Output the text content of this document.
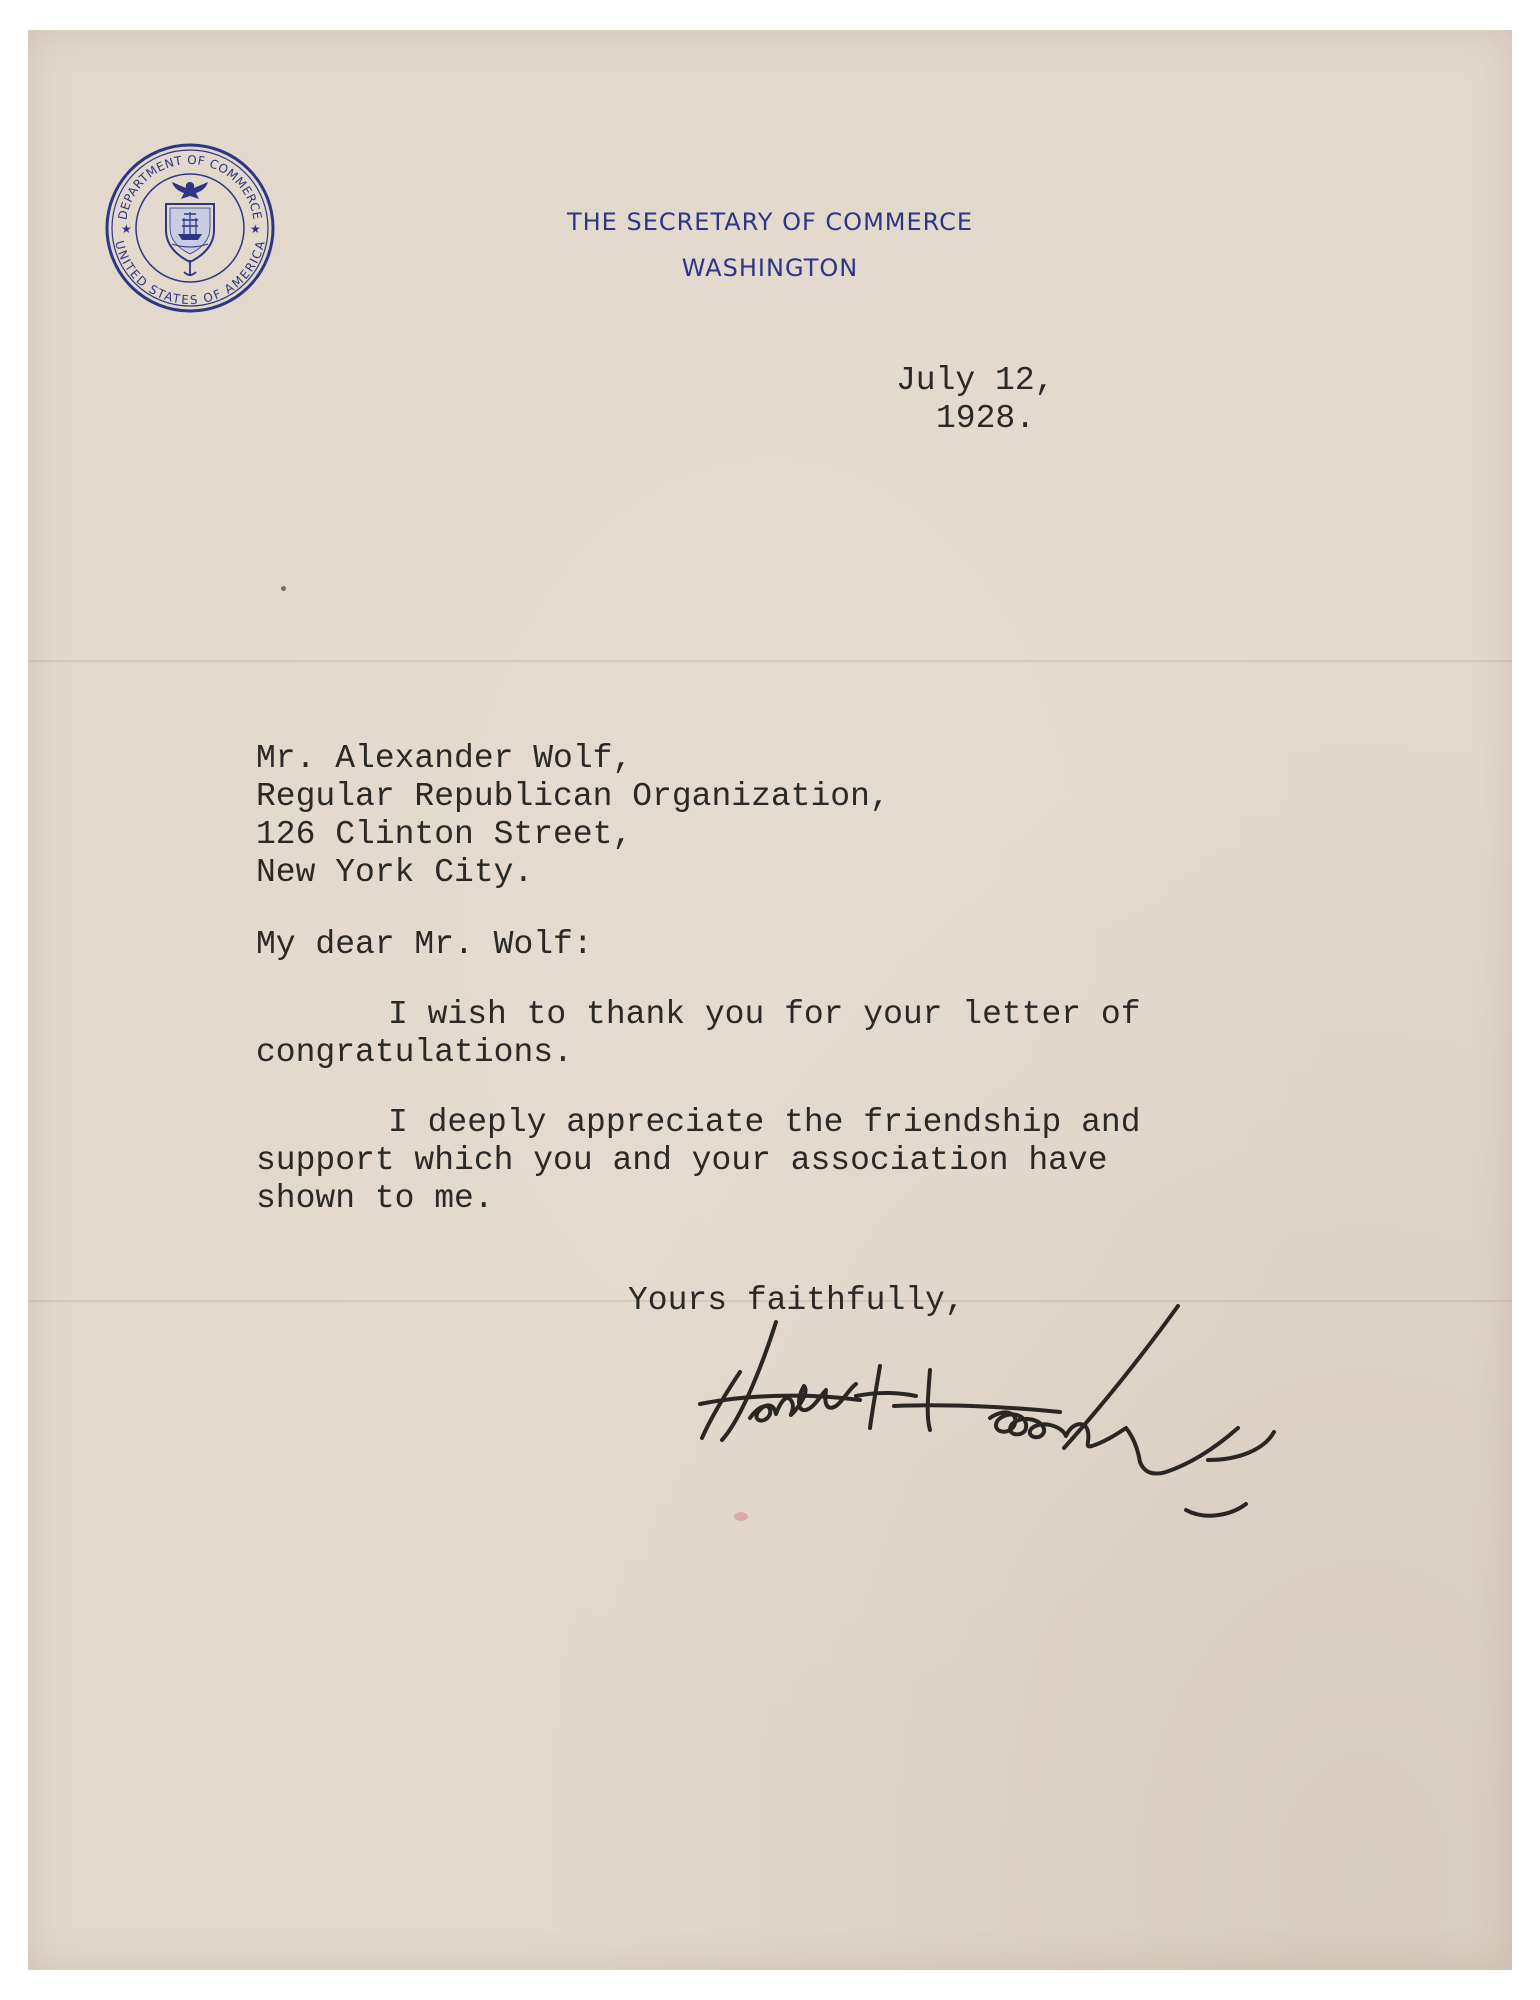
DEPARTMENT OF COMMERCE
UNITED STATES OF AMERICA
★	★	THE SECRETARY OF COMMERCE
WASHINGTON
July 12,
1928.
Mr. Alexander Wolf,
Regular Republican Organization,
126 Clinton Street,
New York City.
My dear Mr. Wolf:
I wish to thank you for your letter of
congratulations.
I deeply appreciate the friendship and
support which you and your association have
shown to me.
Yours faithfully,
